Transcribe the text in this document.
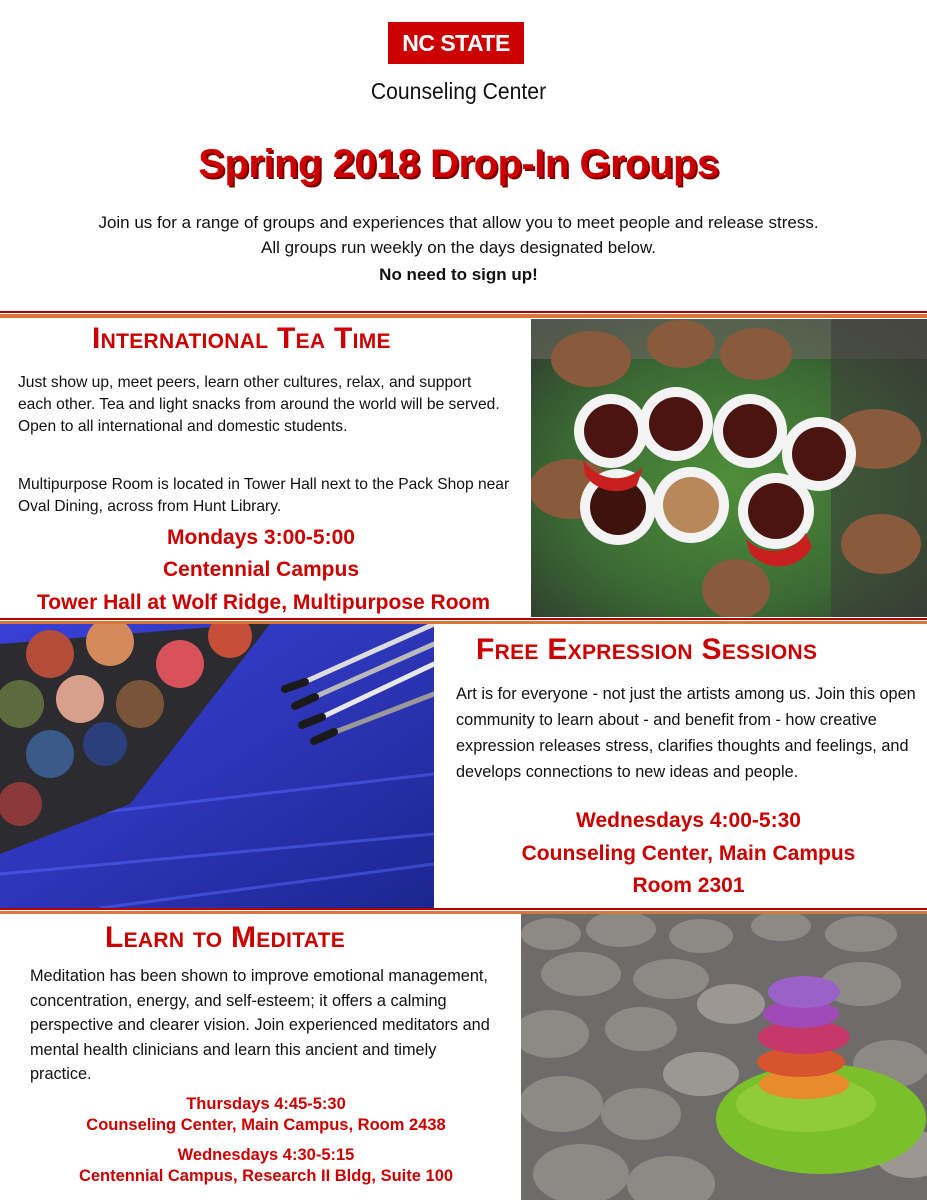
NC STATE
Counseling Center
Spring 2018 Drop-In Groups
Join us for a range of groups and experiences that allow you to meet people and release stress.
All groups run weekly on the days designated below.
No need to sign up!
International Tea Time
Just show up, meet peers, learn other cultures, relax, and support each other. Tea and light snacks from around the world will be served. Open to all international and domestic students.
Multipurpose Room is located in Tower Hall next to the Pack Shop near Oval Dining, across from Hunt Library.
Mondays 3:00-5:00
Centennial Campus
Tower Hall at Wolf Ridge, Multipurpose Room
Free Expression Sessions
Art is for everyone - not just the artists among us. Join this open community to learn about - and benefit from - how creative expression releases stress, clarifies thoughts and feelings, and develops connections to new ideas and people.
Wednesdays 4:00-5:30
Counseling Center, Main Campus
Room 2301
Learn to Meditate
Meditation has been shown to improve emotional management, concentration, energy, and self-esteem; it offers a calming perspective and clearer vision. Join experienced meditators and mental health clinicians and learn this ancient and timely practice.
Thursdays 4:45-5:30
Counseling Center, Main Campus, Room 2438
Wednesdays 4:30-5:15
Centennial Campus, Research II Bldg, Suite 100
